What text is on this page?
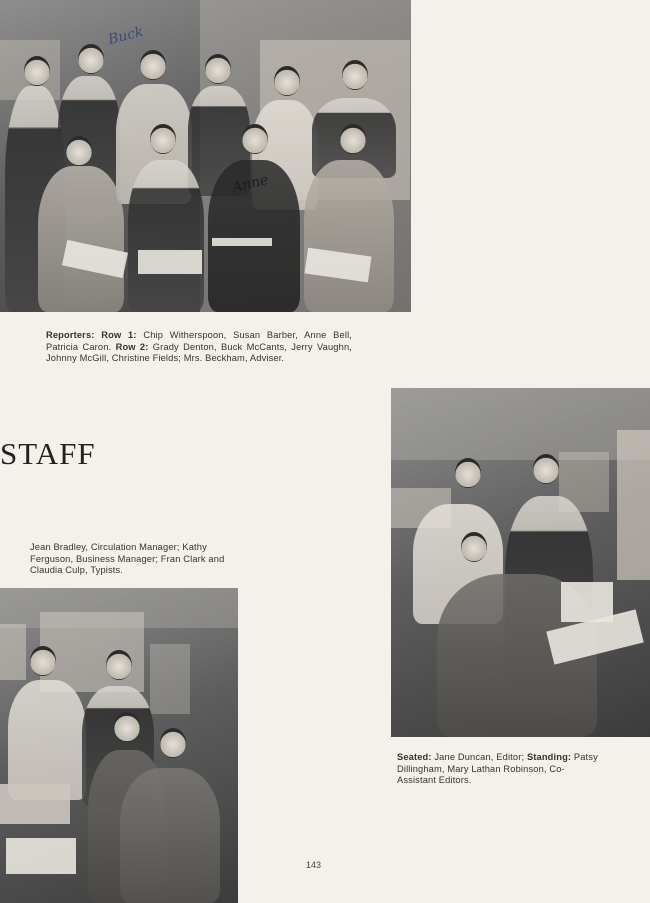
Buck
Anne
Reporters: Row 1: Chip Witherspoon, Susan Barber, Anne Bell, Patricia Caron. Row 2: Grady Denton, Buck McCants, Jerry Vaughn, Johnny McGill, Christine Fields; Mrs. Beckham, Adviser.
STAFF
Jean Bradley, Circulation Manager; Kathy Ferguson, Business Manager; Fran Clark and Claudia Culp, Typists.
Seated: Jane Duncan, Editor; Standing: Patsy Dillingham, Mary Lathan Robinson, Co-Assistant Editors.
143
